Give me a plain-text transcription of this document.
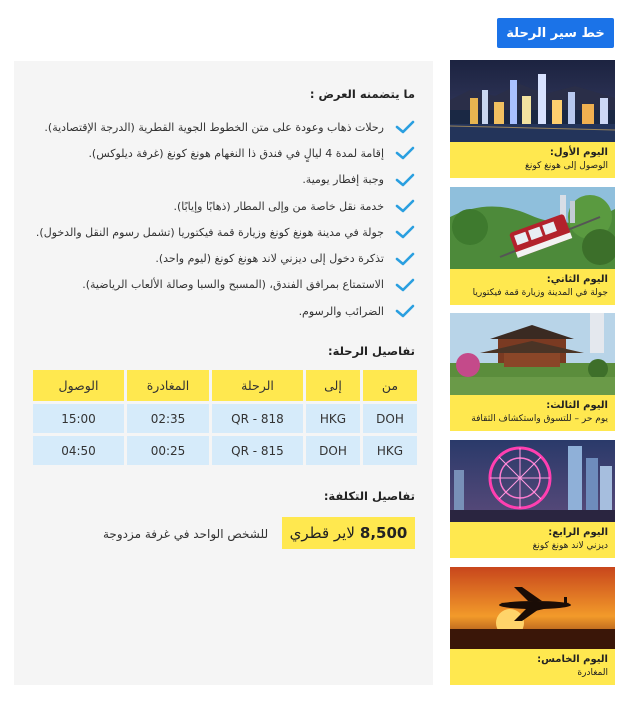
خط سير الرحلة
اليوم الأول:
الوصول إلى هونغ كونغ
اليوم الثاني:
جولة في المدينة وزيارة قمة فيكتوريا
اليوم الثالث:
يوم حر – للتسوق واستكشاف الثقافة
اليوم الرابع:
ديزني لاند هونغ كونغ
اليوم الخامس:
المغادرة
ما يتضمنه العرض :
رحلات ذهاب وعودة على متن الخطوط الجوية القطرية (الدرجة الإقتصادية).
إقامة لمدة 4 ليالٍ في فندق ذا النغهام هونغ كونغ (غرفة ديلوكس).
وجبة إفطار يومية.
خدمة نقل خاصة من وإلى المطار (ذهابًا وإيابًا).
جولة في مدينة هونغ كونغ وزيارة قمة فيكتوريا (تشمل رسوم النقل والدخول).
تذكرة دخول إلى ديزني لاند هونغ كونغ (ليوم واحد).
الاستمتاع بمرافق الفندق، (المسبح والسبا وصالة الألعاب الرياضية).
الضرائب والرسوم.
تفاصيل الرحلة:
من	إلى	الرحلة	المغادرة	الوصول
DOH	HKG	QR - 818	02:35	15:00
HKG	DOH	QR - 815	00:25	04:50
تفاصيل التكلفة:
8,500
لاير قطري
للشخص الواحد في غرفة مزدوجة
